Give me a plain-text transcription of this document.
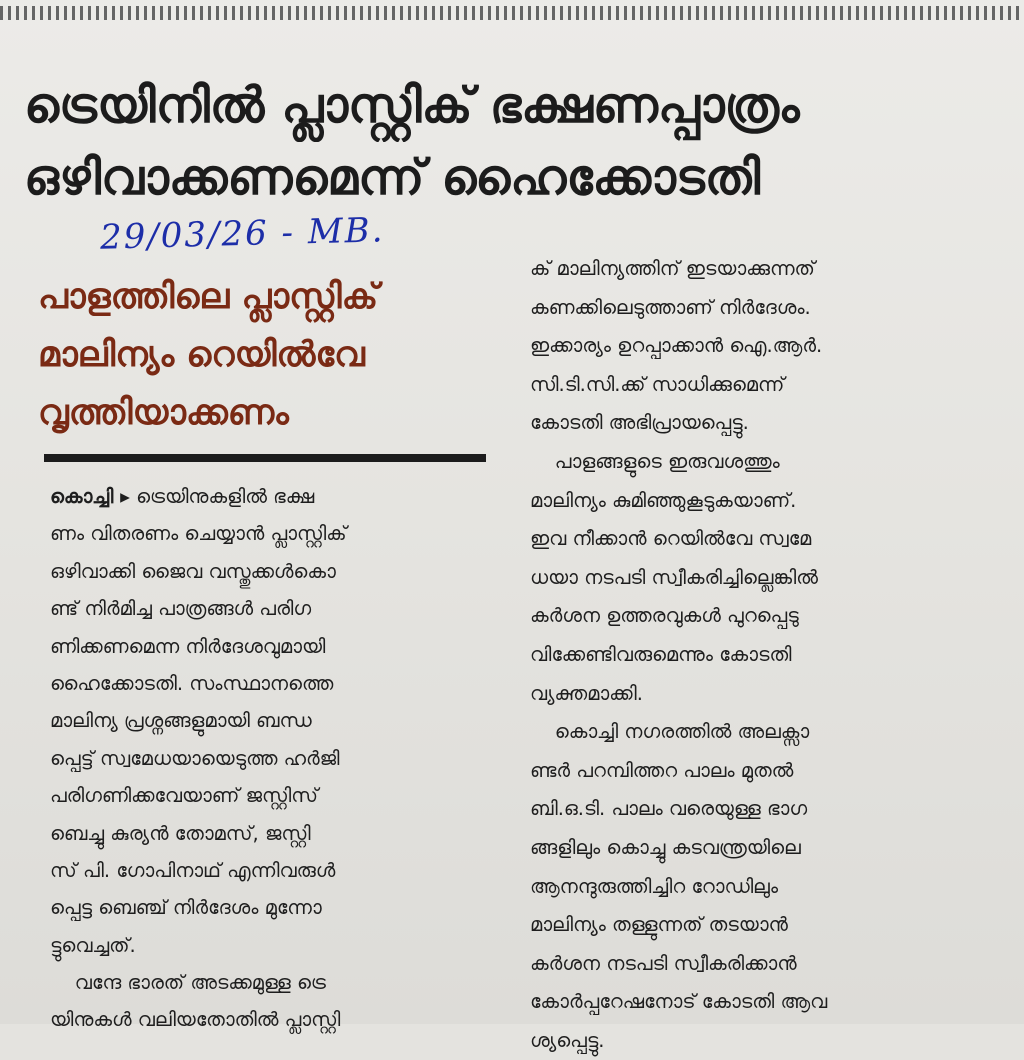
ട്രെയിനിൽ പ്ലാസ്റ്റിക് ഭക്ഷണപ്പാത്രം
ഒഴിവാക്കണമെന്ന് ഹൈക്കോടതി
29/03/26 - MB.
പാളത്തിലെ പ്ലാസ്റ്റിക്
മാലിന്യം റെയിൽവേ
വൃത്തിയാക്കണം
കൊച്ചി ▸ ട്രെയിനുകളിൽ ഭക്ഷ
ണം വിതരണം ചെയ്യാൻ പ്ലാസ്റ്റിക്
ഒഴിവാക്കി ജൈവ വസ്തുക്കൾകൊ
ണ്ട് നിർമിച്ച പാത്രങ്ങൾ പരിഗ
ണിക്കണമെന്ന നിർദേശവുമായി
ഹൈക്കോടതി. സംസ്ഥാനത്തെ
മാലിന്യ പ്രശ്നങ്ങളുമായി ബന്ധ
പ്പെട്ട് സ്വമേധയായെടുത്ത ഹർജി
പരിഗണിക്കവേയാണ് ജസ്റ്റിസ്
ബെച്ചു കുര്യൻ തോമസ്, ജസ്റ്റി
സ് പി. ഗോപിനാഥ് എന്നിവരുൾ
പ്പെട്ട ബെഞ്ച് നിർദേശം മുന്നോ
ട്ടുവെച്ചത്.
വന്ദേ ഭാരത് അടക്കമുള്ള ട്രെ
യിനുകൾ വലിയതോതിൽ പ്ലാസ്റ്റി
ക് മാലിന്യത്തിന് ഇടയാക്കുന്നത്
കണക്കിലെടുത്താണ് നിർദേശം.
ഇക്കാര്യം ഉറപ്പാക്കാൻ ഐ.ആർ.
സി.ടി.സി.ക്ക് സാധിക്കുമെന്ന്
കോടതി അഭിപ്രായപ്പെട്ടു.
പാളങ്ങളുടെ ഇരുവശത്തും
മാലിന്യം കുമിഞ്ഞുകൂടുകയാണ്.
ഇവ നീക്കാൻ റെയിൽവേ സ്വമേ
ധയാ നടപടി സ്വീകരിച്ചില്ലെങ്കിൽ
കർശന ഉത്തരവുകൾ പുറപ്പെടു
വിക്കേണ്ടിവരുമെന്നും കോടതി
വ്യക്തമാക്കി.
കൊച്ചി നഗരത്തിൽ അലക്സാ
ണ്ടർ പറമ്പിത്തറ പാലം മുതൽ
ബി.ഒ.ടി. പാലം വരെയുള്ള ഭാഗ
ങ്ങളിലും കൊച്ചു കടവന്ത്രയിലെ
ആനന്ദുരുത്തിച്ചിറ റോഡിലും
മാലിന്യം തള്ളുന്നത് തടയാൻ
കർശന നടപടി സ്വീകരിക്കാൻ
കോർപ്പറേഷനോട് കോടതി ആവ
ശ്യപ്പെട്ടു.
